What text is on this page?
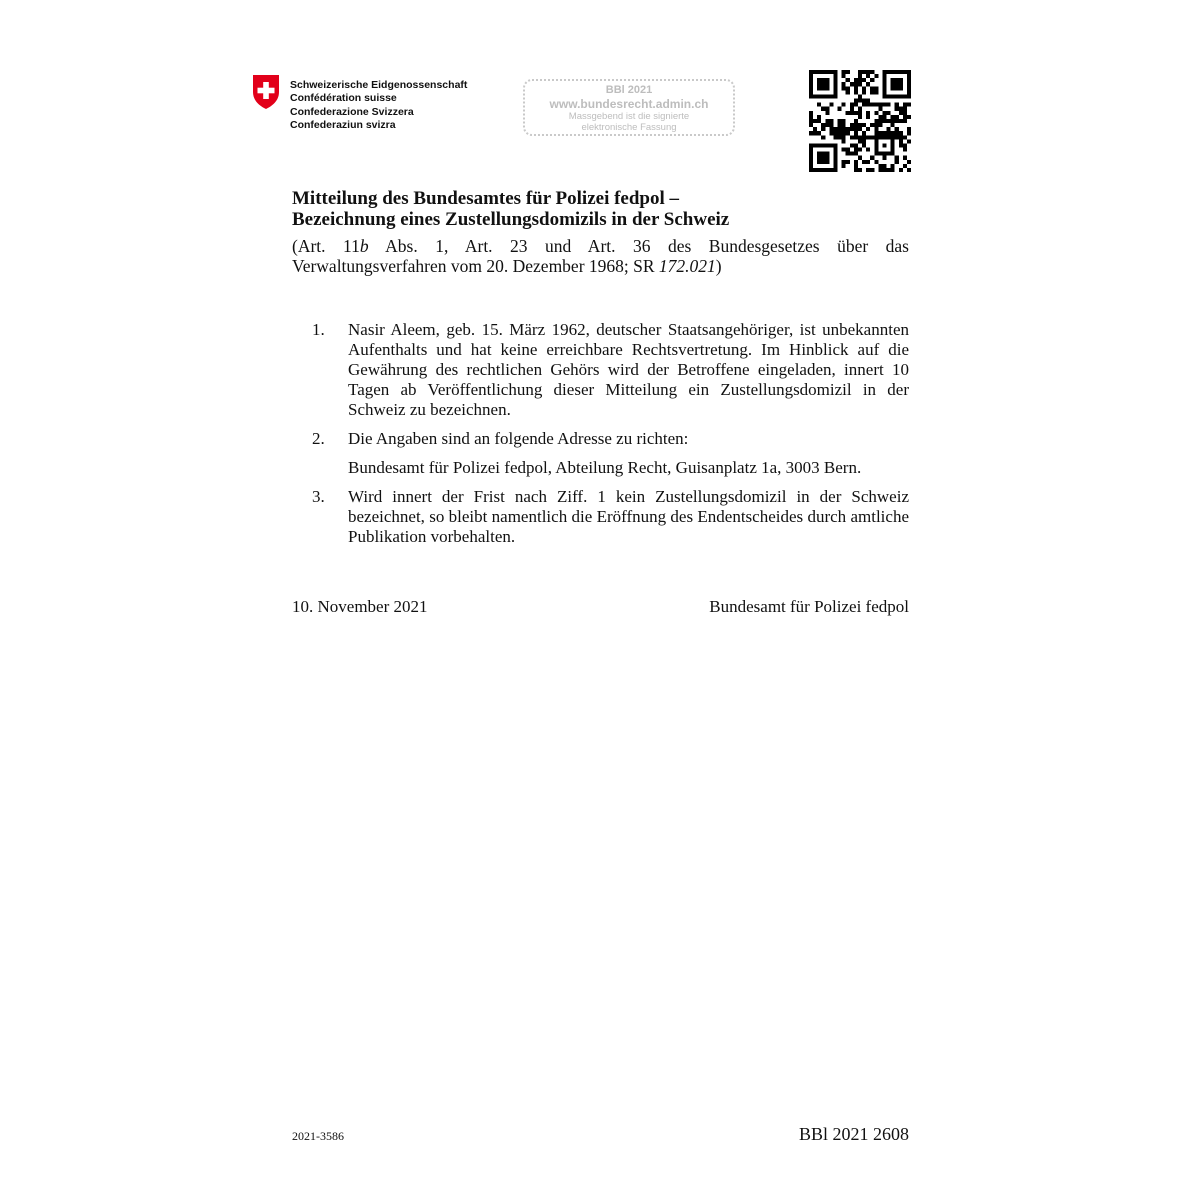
Schweizerische Eidgenossenschaft
Confédération suisse
Confederazione Svizzera
Confederaziun svizra
BBl 2021
www.bundesrecht.admin.ch
Massgebend ist die signierte
elektronische Fassung
Mitteilung des Bundesamtes für Polizei fedpol –
Bezeichnung eines Zustellungsdomizils in der Schweiz
(Art. 11b Abs. 1, Art. 23 und Art. 36 des Bundesgesetzes über das Verwaltungsverfahren vom 20. Dezember 1968; SR 172.021)
1.	Nasir Aleem, geb. 15. März 1962, deutscher Staatsangehöriger, ist unbekannten Aufenthalts und hat keine erreichbare Rechtsvertretung. Im Hinblick auf die Gewährung des rechtlichen Gehörs wird der Betroffene eingeladen, innert 10 Tagen ab Veröffentlichung dieser Mitteilung ein Zustellungsdomizil in der Schweiz zu bezeichnen.
2.	Die Angaben sind an folgende Adresse zu richten:
Bundesamt für Polizei fedpol, Abteilung Recht, Guisanplatz 1a, 3003 Bern.
3.	Wird innert der Frist nach Ziff. 1 kein Zustellungsdomizil in der Schweiz bezeichnet, so bleibt namentlich die Eröffnung des Endentscheides durch amtliche Publikation vorbehalten.
10. November 2021	Bundesamt für Polizei fedpol
2021-3586	BBl 2021 2608
